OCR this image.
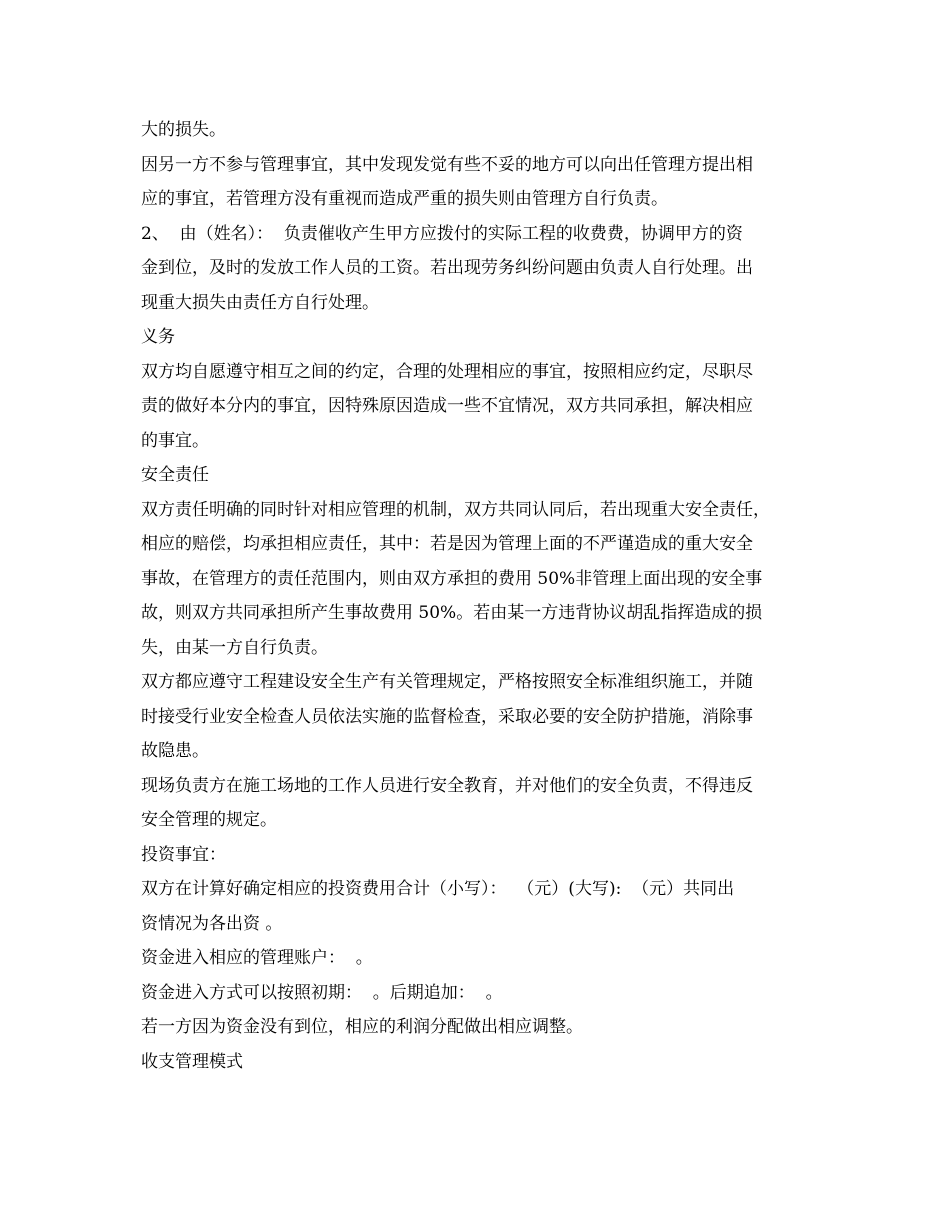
大的损失。
因另一方不参与管理事宜，其中发现发觉有些不妥的地方可以向出任管理方提出相
应的事宜，若管理方没有重视而造成严重的损失则由管理方自行负责。
2、  由（姓名）：  负责催收产生甲方应拨付的实际工程的收费费，协调甲方的资
金到位，及时的发放工作人员的工资。若出现劳务纠纷问题由负责人自行处理。出
现重大损失由责任方自行处理。
义务
双方均自愿遵守相互之间的约定，合理的处理相应的事宜，按照相应约定，尽职尽
责的做好本分内的事宜，因特殊原因造成一些不宜情况，双方共同承担，解决相应
的事宜。
安全责任
双方责任明确的同时针对相应管理的机制，双方共同认同后，若出现重大安全责任，
相应的赔偿，均承担相应责任，其中：若是因为管理上面的不严谨造成的重大安全
事故，在管理方的责任范围内，则由双方承担的费用 50%非管理上面出现的安全事
故，则双方共同承担所产生事故费用 50%。若由某一方违背协议胡乱指挥造成的损
失，由某一方自行负责。
双方都应遵守工程建设安全生产有关管理规定，严格按照安全标准组织施工，并随
时接受行业安全检查人员依法实施的监督检查，采取必要的安全防护措施，消除事
故隐患。
现场负责方在施工场地的工作人员进行安全教育，并对他们的安全负责，不得违反
安全管理的规定。
投资事宜：
双方在计算好确定相应的投资费用合计（小写）：  （元）(大写):  （元）共同出
资情况为各出资 。
资金进入相应的管理账户：  。
资金进入方式可以按照初期：  。后期追加：  。
若一方因为资金没有到位，相应的利润分配做出相应调整。
收支管理模式
